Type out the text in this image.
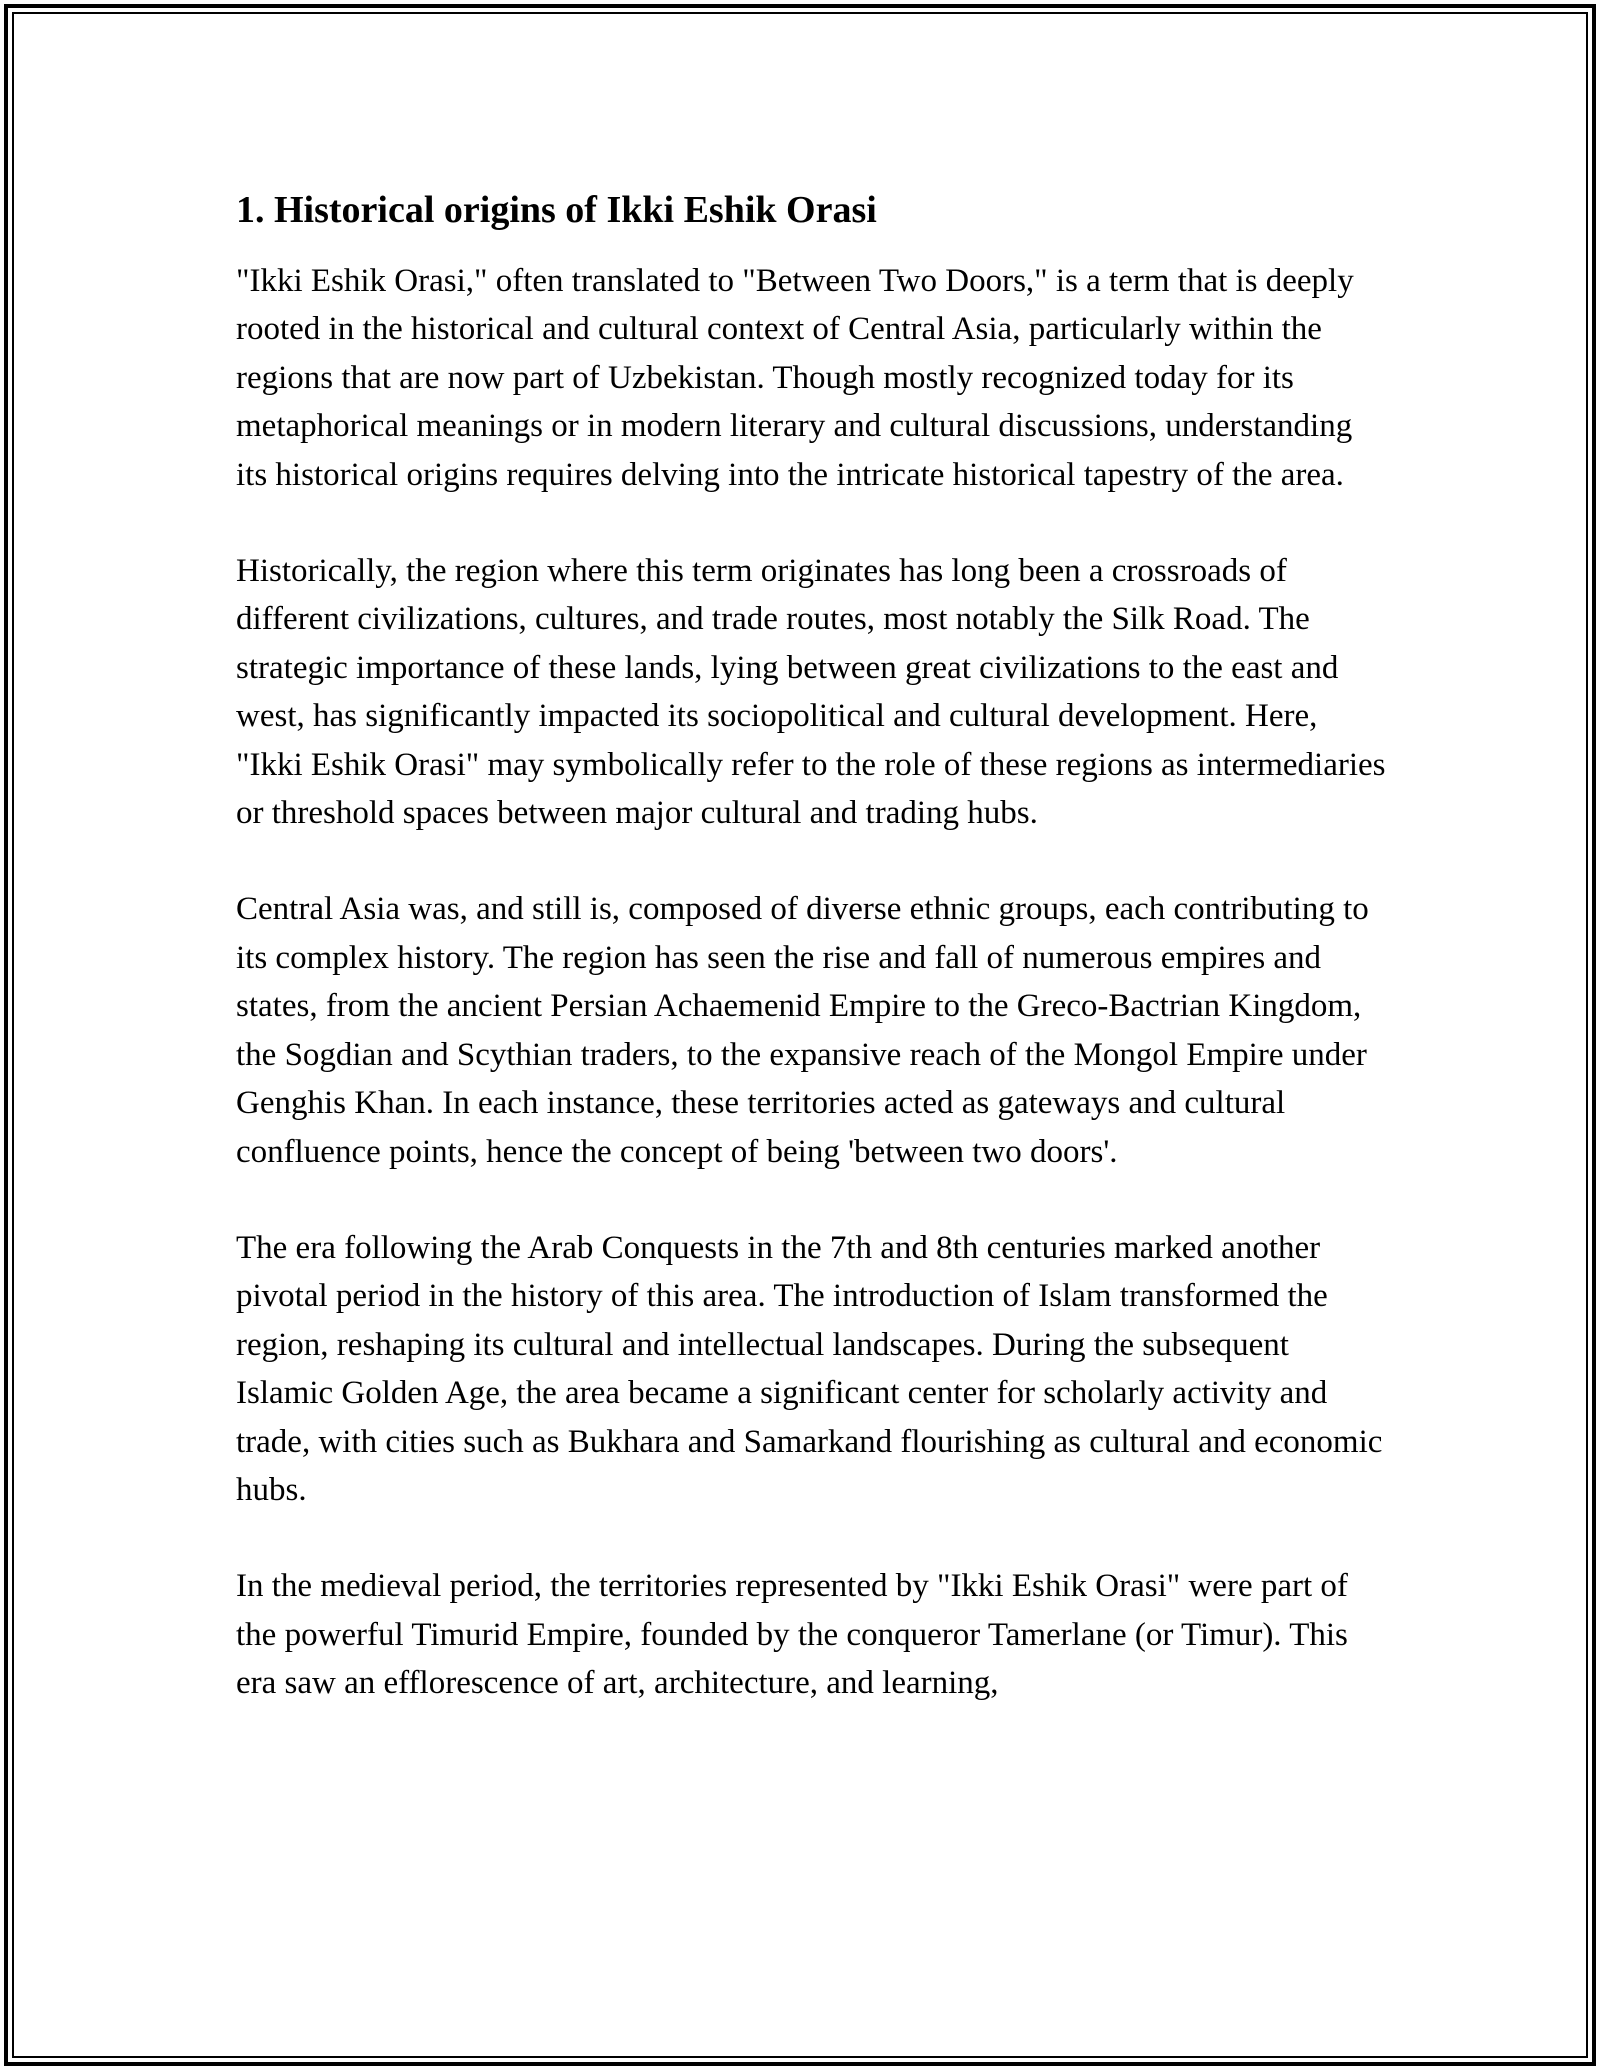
1. Historical origins of Ikki Eshik Orasi

"Ikki Eshik Orasi," often translated to "Between Two Doors," is a term that is deeply rooted in the historical and cultural context of Central Asia, particularly within the regions that are now part of Uzbekistan. Though mostly recognized today for its metaphorical meanings or in modern literary and cultural discussions, understanding its historical origins requires delving into the intricate historical tapestry of the area.

Historically, the region where this term originates has long been a crossroads of different civilizations, cultures, and trade routes, most notably the Silk Road. The strategic importance of these lands, lying between great civilizations to the east and west, has significantly impacted its sociopolitical and cultural development. Here, "Ikki Eshik Orasi" may symbolically refer to the role of these regions as intermediaries or threshold spaces between major cultural and trading hubs.

Central Asia was, and still is, composed of diverse ethnic groups, each contributing to its complex history. The region has seen the rise and fall of numerous empires and states, from the ancient Persian Achaemenid Empire to the Greco-Bactrian Kingdom, the Sogdian and Scythian traders, to the expansive reach of the Mongol Empire under Genghis Khan. In each instance, these territories acted as gateways and cultural confluence points, hence the concept of being 'between two doors'.

The era following the Arab Conquests in the 7th and 8th centuries marked another pivotal period in the history of this area. The introduction of Islam transformed the region, reshaping its cultural and intellectual landscapes. During the subsequent Islamic Golden Age, the area became a significant center for scholarly activity and trade, with cities such as Bukhara and Samarkand flourishing as cultural and economic hubs.

In the medieval period, the territories represented by "Ikki Eshik Orasi" were part of the powerful Timurid Empire, founded by the conqueror Tamerlane (or Timur). This era saw an efflorescence of art, architecture, and learning,
